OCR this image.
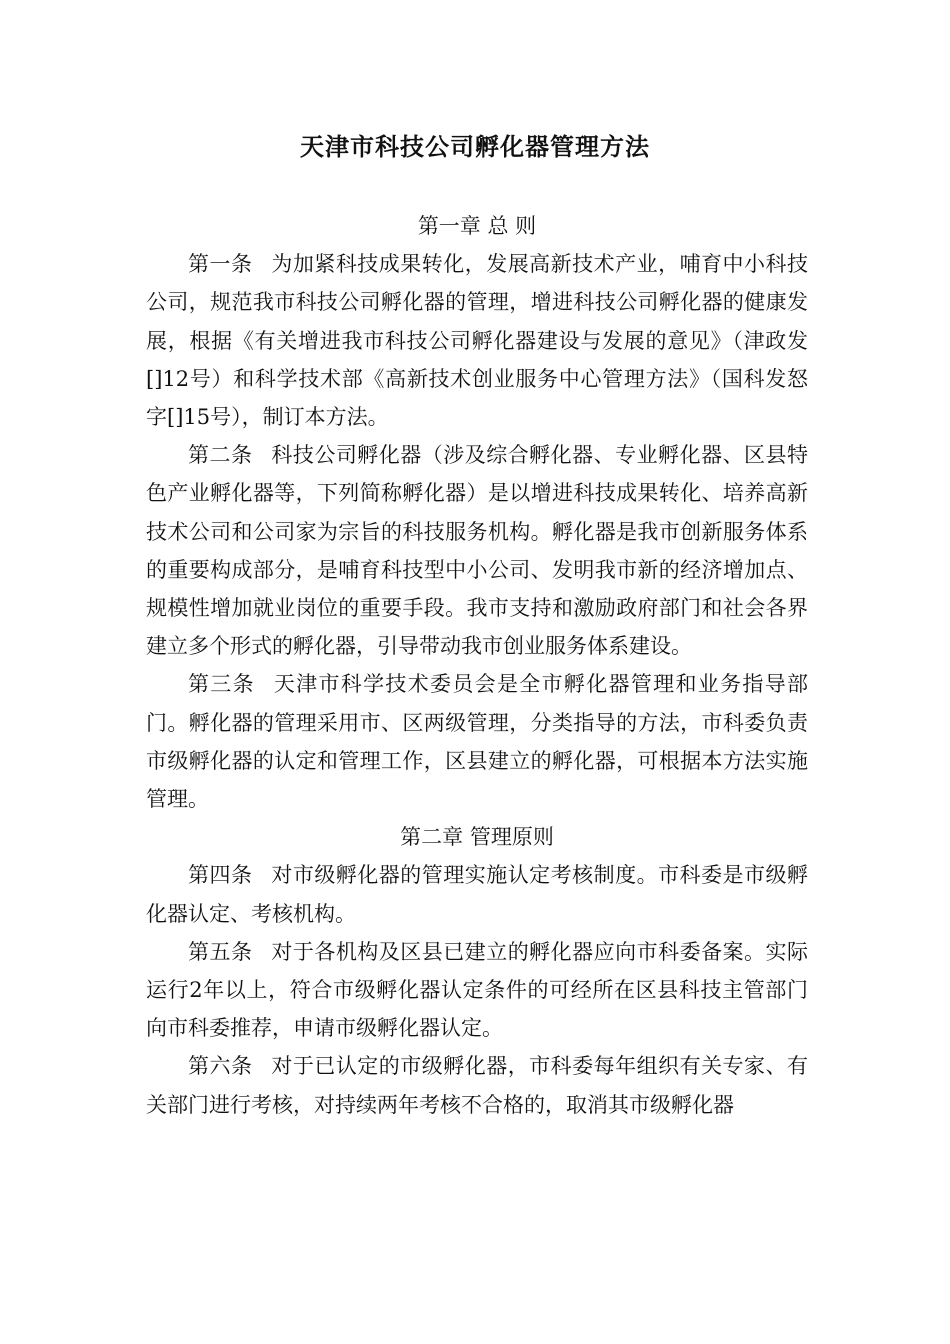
天津市科技公司孵化器管理方法
第一章 总 则

第一条 为加紧科技成果转化，发展高新技术产业，哺育中小科技公司，规范我市科技公司孵化器的管理，增进科技公司孵化器的健康发展，根据《有关增进我市科技公司孵化器建设与发展的意见》（津政发[]12号）和科学技术部《高新技术创业服务中心管理方法》（国科发怒字[]15号），制订本方法。

第二条 科技公司孵化器（涉及综合孵化器、专业孵化器、区县特色产业孵化器等，下列简称孵化器）是以增进科技成果转化、培养高新技术公司和公司家为宗旨的科技服务机构。孵化器是我市创新服务体系的重要构成部分，是哺育科技型中小公司、发明我市新的经济增加点、规模性增加就业岗位的重要手段。我市支持和激励政府部门和社会各界建立多个形式的孵化器，引导带动我市创业服务体系建设。

第三条 天津市科学技术委员会是全市孵化器管理和业务指导部门。孵化器的管理采用市、区两级管理，分类指导的方法，市科委负责市级孵化器的认定和管理工作，区县建立的孵化器，可根据本方法实施管理。

第二章 管理原则

第四条 对市级孵化器的管理实施认定考核制度。市科委是市级孵化器认定、考核机构。

第五条 对于各机构及区县已建立的孵化器应向市科委备案。实际运行2年以上，符合市级孵化器认定条件的可经所在区县科技主管部门向市科委推荐，申请市级孵化器认定。

第六条 对于已认定的市级孵化器，市科委每年组织有关专家、有关部门进行考核，对持续两年考核不合格的，取消其市级孵化器
